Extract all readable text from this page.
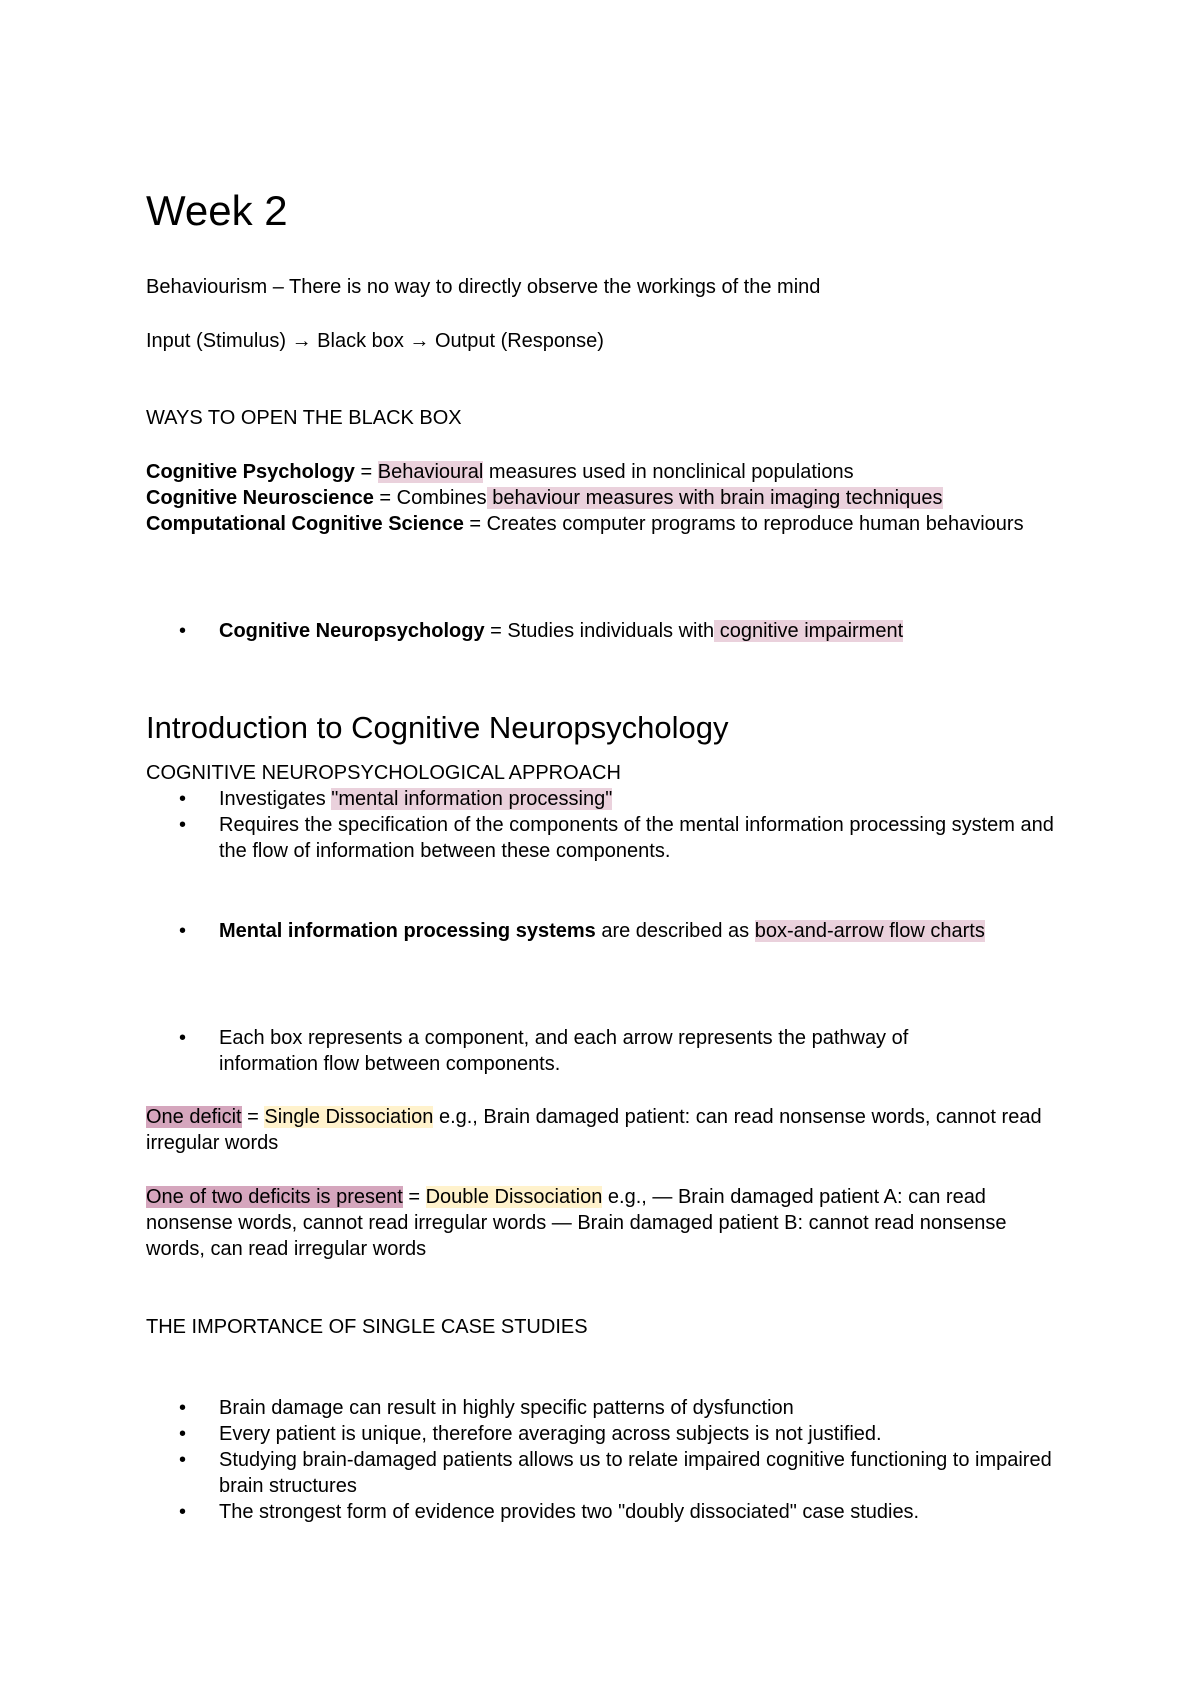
Week 2
Behaviourism – There is no way to directly observe the workings of the mind
Input (Stimulus) → Black box → Output (Response)
WAYS TO OPEN THE BLACK BOX
Cognitive Psychology = Behavioural measures used in nonclinical populations
Cognitive Neuroscience = Combines behaviour measures with brain imaging techniques
Computational Cognitive Science = Creates computer programs to reproduce human behaviours
• Cognitive Neuropsychology = Studies individuals with cognitive impairment
Introduction to Cognitive Neuropsychology
COGNITIVE NEUROPSYCHOLOGICAL APPROACH
• Investigates "mental information processing"
• Requires the specification of the components of the mental information processing system and the flow of information between these components.
• Mental information processing systems are described as box-and-arrow flow charts
• Each box represents a component, and each arrow represents the pathway of information flow between components.
One deficit = Single Dissociation e.g., Brain damaged patient: can read nonsense words, cannot read irregular words
One of two deficits is present = Double Dissociation e.g., — Brain damaged patient A: can read nonsense words, cannot read irregular words — Brain damaged patient B: cannot read nonsense words, can read irregular words
THE IMPORTANCE OF SINGLE CASE STUDIES
• Brain damage can result in highly specific patterns of dysfunction
• Every patient is unique, therefore averaging across subjects is not justified.
• Studying brain-damaged patients allows us to relate impaired cognitive functioning to impaired brain structures
• The strongest form of evidence provides two "doubly dissociated" case studies.
